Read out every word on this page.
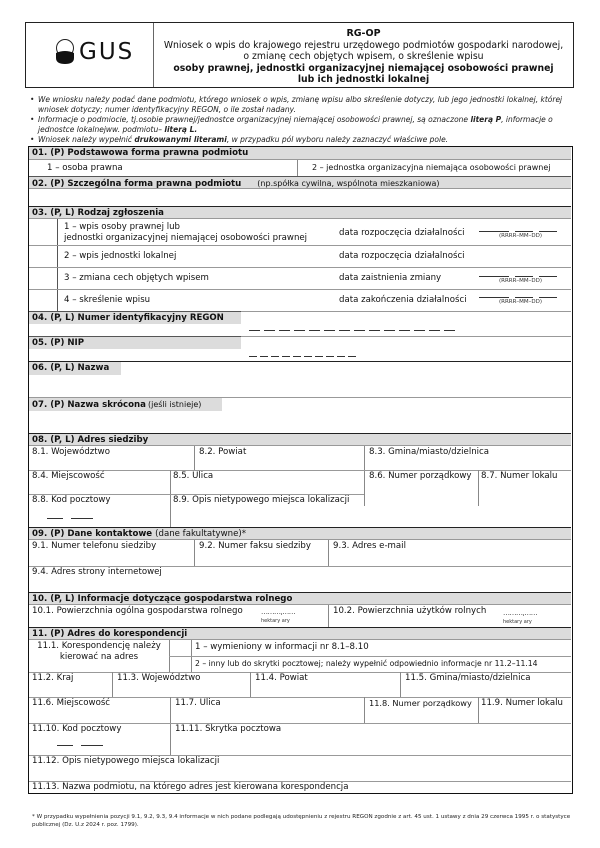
GUS
RG-OP
Wniosek o wpis do krajowego rejestru urzędowego podmiotów gospodarki narodowej,
o zmianę cech objętych wpisem, o skreślenie wpisu
osoby prawnej, jednostki organizacyjnej niemającej osobowości prawnej
lub ich jednostki lokalnej
• We wniosku należy podać dane podmiotu, którego wniosek o wpis, zmianę wpisu albo skreślenie dotyczy, lub jego jednostki lokalnej, której wniosek dotyczy; numer identyfikacyjny REGON, o ile został nadany.
• Informacje o podmiocie, tj.osobie prawnej/jednostce organizacyjnej niemającej osobowości prawnej, są oznaczone literą P, informacje o jednostce lokalnejww. podmiotu– literą L.
• Wniosek należy wypełnić drukowanymi literami, w przypadku pól wyboru należy zaznaczyć właściwe pole.
01. (P) Podstawowa forma prawna podmiotu
1 – osoba prawna	2 – jednostka organizacyjna niemająca osobowości prawnej
02. (P) Szczególna forma prawna podmiotu (np.spółka cywilna, wspólnota mieszkaniowa)
03. (P, L) Rodzaj zgłoszenia
1 – wpis osoby prawnej lub
jednostki organizacyjnej niemającej osobowości prawnej	data rozpoczęcia działalności	(RRRR–MM–DD)
2 – wpis jednostki lokalnej	data rozpoczęcia działalności
3 – zmiana cech objętych wpisem	data zaistnienia zmiany	(RRRR–MM–DD)
4 – skreślenie wpisu	data zakończenia działalności	(RRRR–MM–DD)
04. (P, L) Numer identyfikacyjny REGON
05. (P) NIP
06. (P, L) Nazwa
07. (P) Nazwa skrócona (jeśli istnieje)
08. (P, L) Adres siedziby
8.1. Województwo	8.2. Powiat	8.3. Gmina/miasto/dzielnica
8.4. Miejscowość	8.5. Ulica	8.6. Numer porządkowy	8.7. Numer lokalu
8.8. Kod pocztowy	8.9. Opis nietypowego miejsca lokalizacji
09. (P) Dane kontaktowe (dane fakultatywne)*
9.1. Numer telefonu siedziby	9.2. Numer faksu siedziby	9.3. Adres e-mail
9.4. Adres strony internetowej
10. (P, L) Informacje dotyczące gospodarstwa rolnego
10.1. Powierzchnia ogólna gospodarstwa rolnego	………,……
hektary ary
10.2. Powierzchnia użytków rolnych	………,……
hektary ary
11. (P) Adres do korespondencji
11.1. Korespondencję należy
kierować na adres
1 – wymieniony w informacji nr 8.1–8.10
2 – inny lub do skrytki pocztowej; należy wypełnić odpowiednio informacje nr 11.2–11.14
11.2. Kraj	11.3. Województwo	11.4. Powiat	11.5. Gmina/miasto/dzielnica
11.6. Miejscowość	11.7. Ulica	11.8. Numer porządkowy	11.9. Numer lokalu
11.10. Kod pocztowy	11.11. Skrytka pocztowa
11.12. Opis nietypowego miejsca lokalizacji
11.13. Nazwa podmiotu, na którego adres jest kierowana korespondencja
* W przypadku wypełnienia pozycji 9.1, 9.2, 9.3, 9.4 informacje w nich podane podlegają udostępnieniu z rejestru REGON zgodnie z art. 45 ust. 1 ustawy z dnia 29 czerwca 1995 r. o statystyce publicznej (Dz. U.z 2024 r. poz. 1799).
